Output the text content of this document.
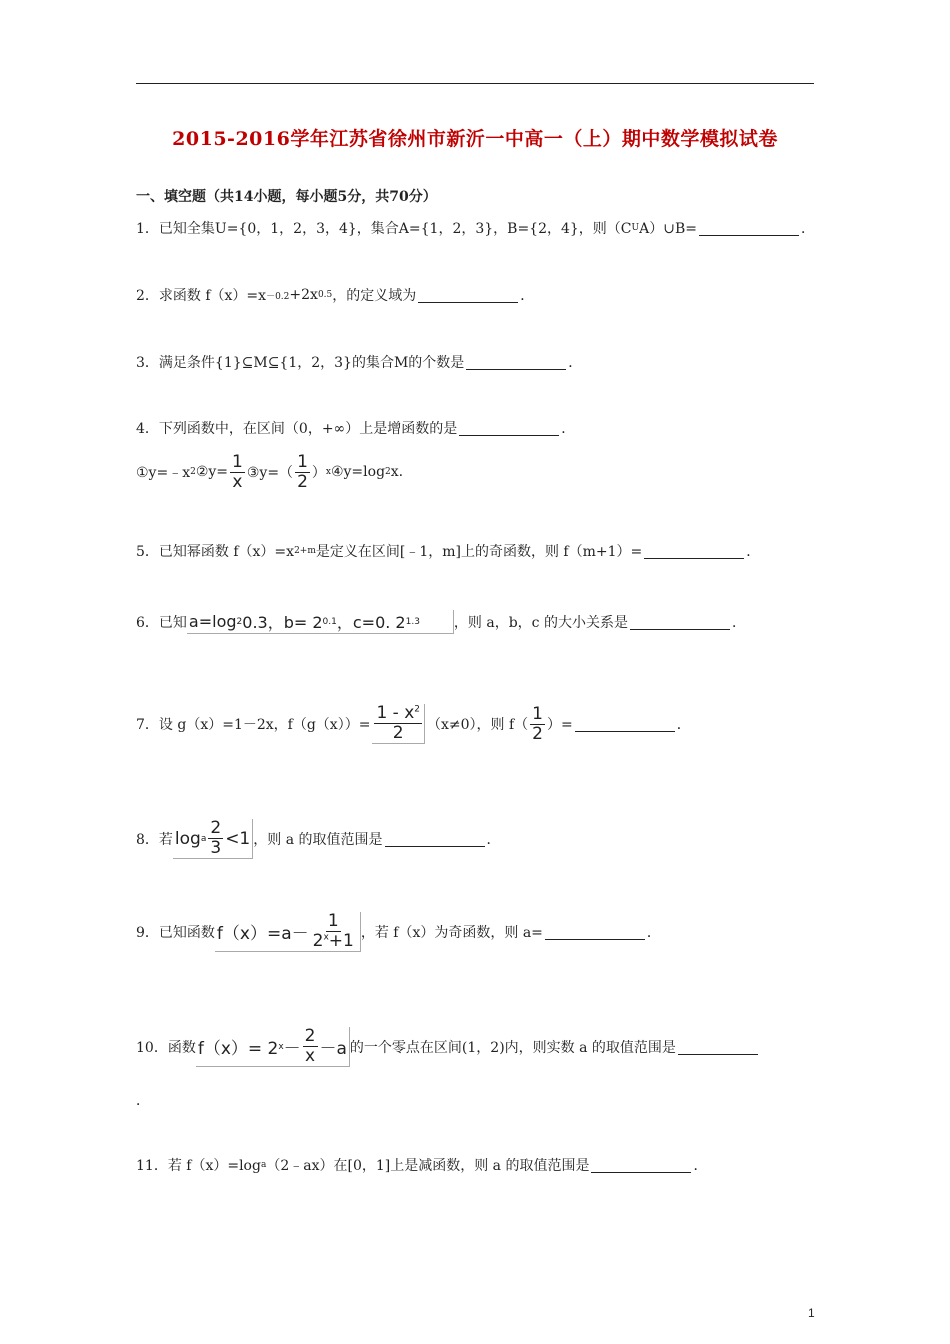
2015-2016学年江苏省徐州市新沂一中高一（上）期中数学模拟试卷
一、填空题（共14小题，每小题5分，共70分）
1．已知全集U={0，1，2，3，4}，集合A={1，2，3}，B={2，4}，则（C U A）∪B=	．
2．求函数 f（x）=x －0.2 +2x 0.5 ，的定义域为	．
3．满足条件{1}⊆M⊆{1，2，3}的集合M的个数是	．
4．下列函数中，在区间（0，+∞）上是增函数的是	．
①y=﹣x 2 ②y= $\frac{1}{x}$ ③y=（ $\frac{1}{2}$ ） x ④y=log 2 x.
5．已知幂函数 f（x）=x 2+m 是定义在区间[﹣1，m]上的奇函数，则 f（m+1）=	．
6．已知 a=log 2 0.3，b= 2 0.1 ，c=0. 2 1.3 ，则 a，b，c 的大小关系是	．
7．设 g（x）=1－2x，$f(g(x))= \frac{1 - x^2}{2} (x\ne 0)$，则 $f( \frac{1}{2}$ ）=	．
8．若 log a $\frac{2}{3} <1$ ，则 a 的取值范围是	．
9．已知函数 $f(x)=a- \frac{1}{2^x+1}$ ，若 f（x）为奇函数，则 a=	．
10．函数 f（x）= 2 $x - \frac{2}{x} -a$ 的一个零点在区间(1，2)内，则实数 a 的取值范围是
．
11．若 f（x）=log a （2﹣ax）在[0，1]上是减函数，则 a 的取值范围是	．
1
